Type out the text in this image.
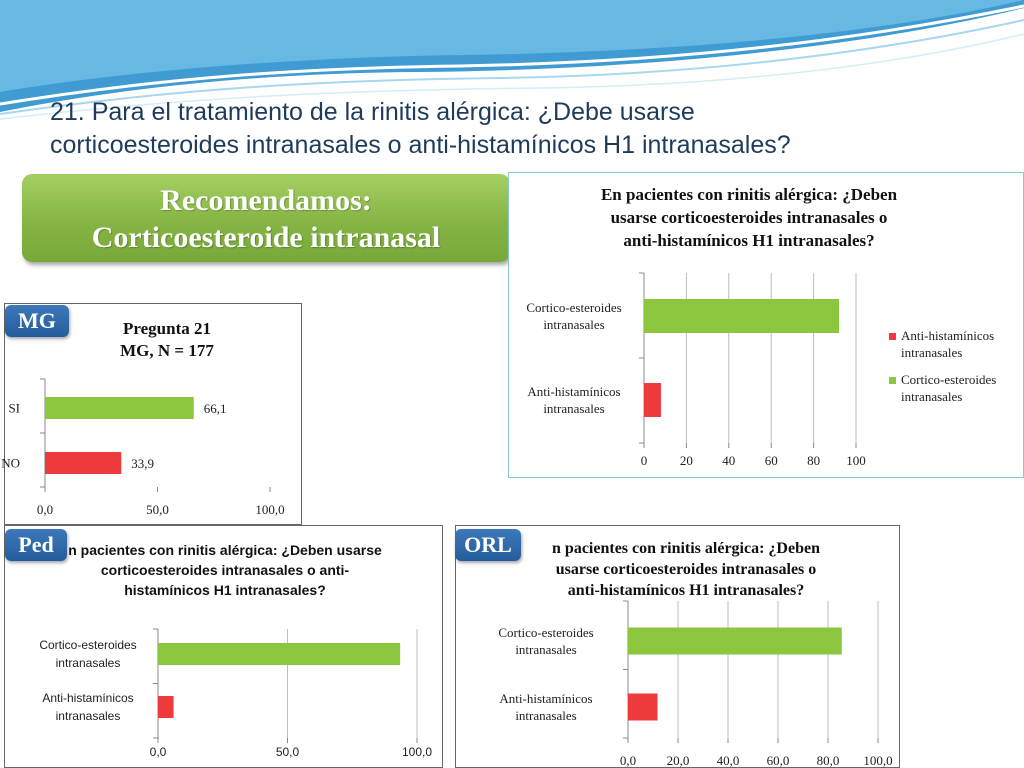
21. Para el tratamiento de la rinitis alérgica: ¿Debe usarse
corticoesteroides intranasales o anti-histamínicos H1 intranasales?
Recomendamos:
Corticoesteroide intranasal
En pacientes con rinitis alérgica: ¿Deben
usarse corticoesteroides intranasales o
anti-histamínicos H1 intranasales?
0	20 40 60 80 100
Cortico-esteroides
intranasales
Anti-histamínicos
intranasales
Anti-histamínicos
intranasales
Cortico-esteroides
intranasales
Pregunta 21
MG, N = 177
0,0	50,0	100,0
SI	66,1
NO	33,9
n pacientes con rinitis alérgica: ¿Deben usarse
corticoesteroides intranasales o anti-
histamínicos H1 intranasales?
0,0	50,0	100,0
Cortico-esteroides
intranasales
Anti-histamínicos
intranasales
n pacientes con rinitis alérgica: ¿Deben
usarse corticoesteroides intranasales o
anti-histamínicos H1 intranasales?
0,0 20,0 40,0 60,0 80,0 100,0
Cortico-esteroides
intranasales
Anti-histamínicos
intranasales
MG
Ped	ORL
